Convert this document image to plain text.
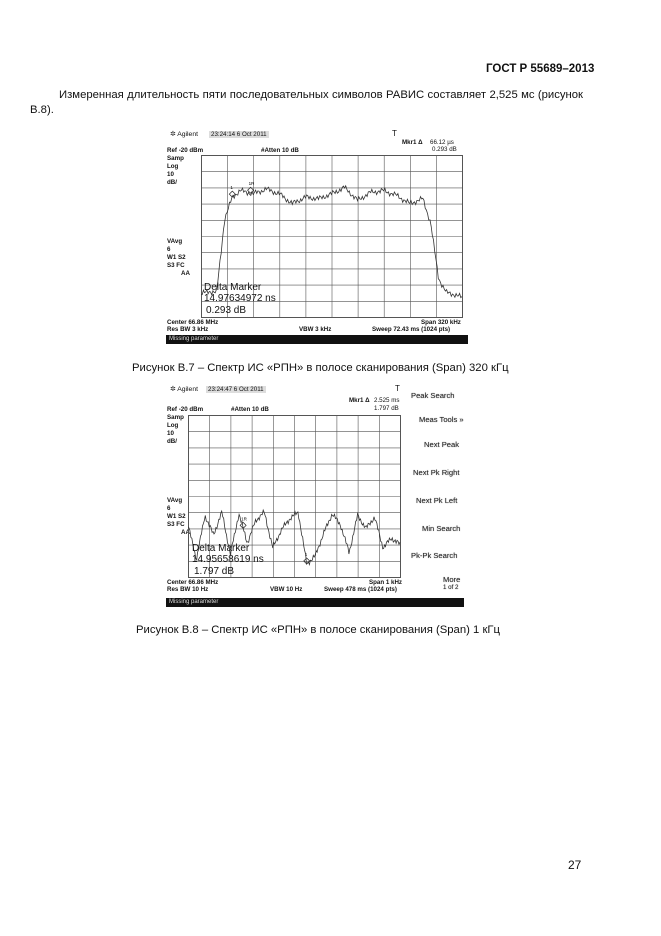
ГОСТ Р 55689–2013
Измеренная длительность пяти последовательных символов РАВИС составляет 2,525 мс (рисунок В.8).
✲ Agilent	23:24:14 6 Oct 2011	T
Mkr1 Δ 66.12 µs
0.293 dB
Ref -20 dBm	#Atten 10 dB
Samp
Log
10
dB/
VAvg
6
W1 S2
S3 FC
AA
1
1R
Delta Marker
14.97634972 ns
0.293 dB
Center 66.86 MHz	Span 320 kHz
Res BW 3 kHz	VBW 3 kHz	Sweep 72.43 ms (1024 pts)
Missing parameter
Рисунок В.7 – Спектр ИС «РПН» в полосе сканирования (Span) 320 кГц
✲ Agilent	23:24:47 6 Oct 2011	T
Mkr1 Δ 2.525 ms
1.797 dB
Ref -20 dBm	#Atten 10 dB
Samp
Log
10
dB/
VAvg
6
W1 S2
S3 FC
AA
1R
1
Delta Marker
14.95658619 ns
1.797 dB
Center 66.86 MHz	Span 1 kHz
Res BW 10 Hz	VBW 10 Hz	Sweep 478 ms (1024 pts)
Missing parameter
Peak Search
Meas Tools »
Next Peak
Next Pk Right
Next Pk Left
Min Search
Pk-Pk Search
More
1 of 2
Рисунок В.8 – Спектр ИС «РПН» в полосе сканирования (Span) 1 кГц
27
